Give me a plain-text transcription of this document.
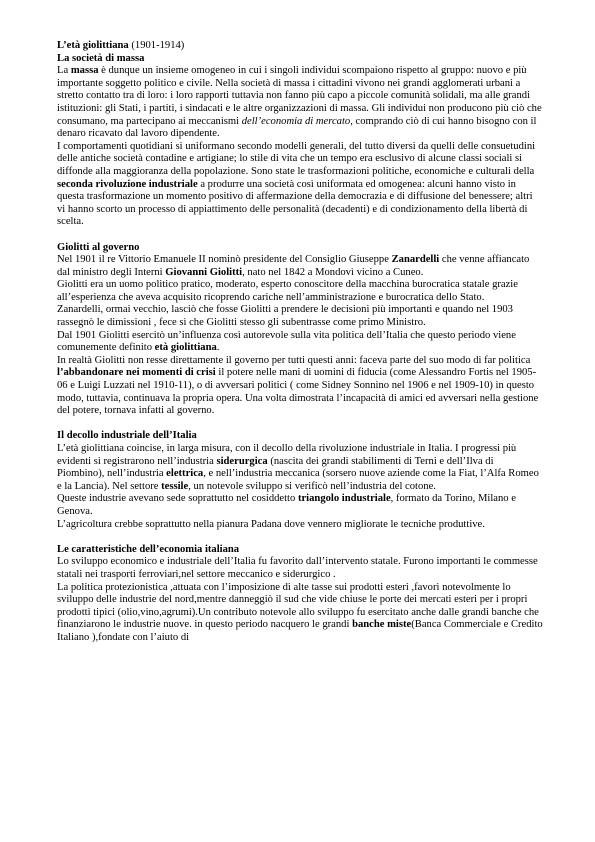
L’età giolittiana (1901-1914)
La società di massa

La massa è dunque un insieme omogeneo in cui i singoli individui scompaiono rispetto al gruppo: nuovo e più importante soggetto politico e civile. Nella società di massa i cittadini vivono nei grandi agglomerati urbani a stretto contatto tra di loro: i loro rapporti tuttavia non fanno più capo a piccole comunità solidali, ma alle grandi istituzioni: gli Stati, i partiti, i sindacati e le altre organizzazioni di massa. Gli individui non producono più ciò che consumano, ma partecipano ai meccanismi dell’economia di mercato, comprando ciò di cui hanno bisogno con il denaro ricavato dal lavoro dipendente.

I comportamenti quotidiani si uniformano secondo modelli generali, del tutto diversi da quelli delle consuetudini delle antiche società contadine e artigiane; lo stile di vita che un tempo era esclusivo di alcune classi sociali si diffonde alla maggioranza della popolazione. Sono state le trasformazioni politiche, economiche e culturali della seconda rivoluzione industriale a produrre una società così uniformata ed omogenea: alcuni hanno visto in questa trasformazione un momento positivo di affermazione della democrazia e di diffusione del benessere; altri vi hanno scorto un processo di appiattimento delle personalità (decadenti) e di condizionamento della libertà di scelta.

Giolitti al governo

Nel 1901 il re Vittorio Emanuele II nominò presidente del Consiglio Giuseppe Zanardelli che venne affiancato dal ministro degli Interni Giovanni Giolitti, nato nel 1842 a Mondovì vicino a Cuneo.

Giolitti era un uomo politico pratico, moderato, esperto conoscitore della macchina burocratica statale grazie all’esperienza che aveva acquisito ricoprendo cariche nell’amministrazione e burocratica dello Stato.

Zanardelli, ormai vecchio, lasciò che fosse Giolitti a prendere le decisioni più importanti e quando nel 1903 rassegnò le dimissioni , fece sì che Giolitti stesso gli subentrasse come primo Ministro.

Dal 1901 Giolitti esercitò un’influenza così autorevole sulla vita politica dell’Italia che questo periodo viene comunemente definito età giolittiana.

In realtà Giolitti non resse direttamente il governo per tutti questi anni: faceva parte del suo modo di far politica l’abbandonare nei momenti di crisi il potere nelle mani di uomini di fiducia (come Alessandro Fortis nel 1905-06 e Luigi Luzzati nel 1910-11), o di avversari politici ( come Sidney Sonnino nel 1906 e nel 1909-10) in questo modo, tuttavia, continuava la propria opera. Una volta dimostrata l’incapacità di amici ed avversari nella gestione del potere, tornava infatti al governo.

Il decollo industriale dell’Italia

L’età giolittiana coincise, in larga misura, con il decollo della rivoluzione industriale in Italia. I progressi più evidenti si registrarono nell’industria siderurgica (nascita dei grandi stabilimenti di Terni e dell’Ilva di Piombino), nell’industria elettrica, e nell’industria meccanica (sorsero nuove aziende come la Fiat, l’Alfa Romeo e la Lancia). Nel settore tessile, un notevole sviluppo si verificò nell’industria del cotone.

Queste industrie avevano sede soprattutto nel cosiddetto triangolo industriale, formato da Torino, Milano e Genova.

L’agricoltura crebbe soprattutto nella pianura Padana dove vennero migliorate le tecniche produttive.

Le caratteristiche dell’economia italiana

Lo sviluppo economico e industriale dell’Italia fu favorito dall’intervento statale. Furono importanti le commesse statali nei trasporti ferroviari,nel settore meccanico e siderurgico .

La politica protezionistica ,attuata con l’imposizione di alte tasse sui prodotti esteri ,favorì notevolmente lo sviluppo delle industrie del nord,mentre danneggiò il sud che vide chiuse le porte dei mercati esteri per i propri prodotti tipici (olio,vino,agrumi).Un contributo notevole allo sviluppo fu esercitato anche dalle grandi banche che finanziarono le industrie nuove. in questo periodo nacquero le grandi banche miste(Banca Commerciale e Credito Italiano ),fondate con l’aiuto di
